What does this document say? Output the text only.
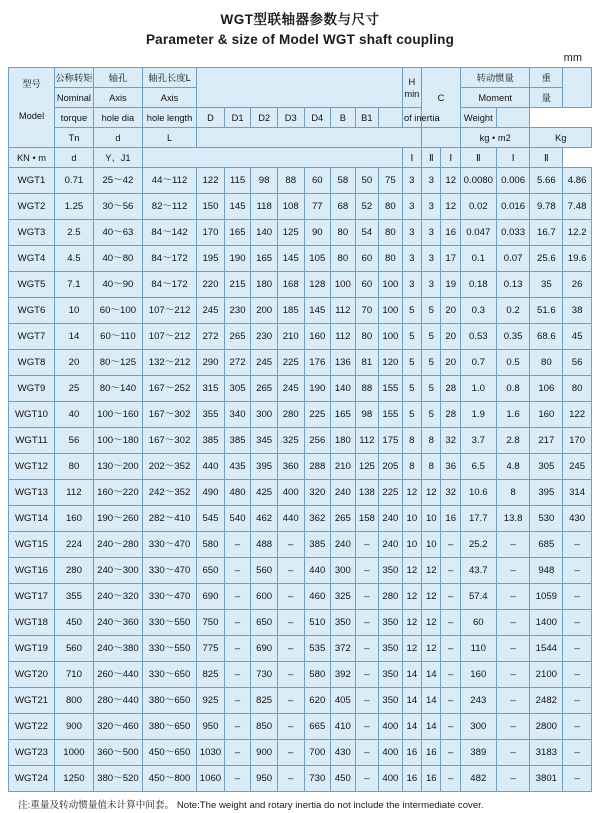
WGT型联轴器参数与尺寸
Parameter & size of Model WGT shaft coupling
mm
型号
Model
	公称转矩	轴孔	轴孔长度L		H
min	C	转动惯量	重	
	Nominal	Axis	Axis												Moment		量	
	torque	hole dia	hole length	D	D1	D2	D3	D4	B	B1		of inertia			Weight			
	Tn	d	L												kg • m2		Kg	
KN • m	d	Y、J1										Ⅰ	Ⅱ	Ⅰ	Ⅱ	Ⅰ	Ⅱ	
WGT1	0.71	25～42	44～112	122	115	98	88	60	58	50	75	3	3	12	0.0080	0.006	5.66	4.86
WGT2	1.25	30～56	82～112	150	145	118	108	77	68	52	80	3	3	12	0.02	0.016	9.78	7.48
WGT3	2.5	40～63	84～142	170	165	140	125	90	80	54	80	3	3	16	0.047	0.033	16.7	12.2
WGT4	4.5	40～80	84～172	195	190	165	145	105	80	60	80	3	3	17	0.1	0.07	25.6	19.6
WGT5	7.1	40～90	84～172	220	215	180	168	128	100	60	100	3	3	19	0.18	0.13	35	26
WGT6	10	60～100	107～212	245	230	200	185	145	112	70	100	5	5	20	0.3	0.2	51.6	38
WGT7	14	60～110	107～212	272	265	230	210	160	112	80	100	5	5	20	0.53	0.35	68.6	45
WGT8	20	80～125	132～212	290	272	245	225	176	136	81	120	5	5	20	0.7	0.5	80	56
WGT9	25	80～140	167～252	315	305	265	245	190	140	88	155	5	5	28	1.0	0.8	106	80
WGT10	40	100～160	167～302	355	340	300	280	225	165	98	155	5	5	28	1.9	1.6	160	122
WGT11	56	100～180	167～302	385	385	345	325	256	180	112	175	8	8	32	3.7	2.8	217	170
WGT12	80	130～200	202～352	440	435	395	360	288	210	125	205	8	8	36	6.5	4.8	305	245
WGT13	112	160～220	242～352	490	480	425	400	320	240	138	225	12	12	32	10.6	8	395	314
WGT14	160	190～260	282～410	545	540	462	440	362	265	158	240	10	10	16	17.7	13.8	530	430
WGT15	224	240～280	330～470	580	–	488	–	385	240	–	240	10	10	–	25.2	–	685	–
WGT16	280	240～300	330～470	650	–	560	–	440	300	–	350	12	12	–	43.7	–	948	–
WGT17	355	240～320	330～470	690	–	600	–	460	325	–	280	12	12	–	57.4	–	1059	–
WGT18	450	240～360	330～550	750	–	650	–	510	350	–	350	12	12	–	60	–	1400	–
WGT19	560	240～380	330～550	775	–	690	–	535	372	–	350	12	12	–	110	–	1544	–
WGT20	710	260～440	330～650	825	–	730	–	580	392	–	350	14	14	–	160	–	2100	–
WGT21	800	280～440	380～650	925	–	825	–	620	405	–	350	14	14	–	243	–	2482	–
WGT22	900	320～460	380～650	950	–	850	–	665	410	–	400	14	14	–	300	–	2800	–
WGT23	1000	360～500	450～650	1030	–	900	–	700	430	–	400	16	16	–	389	–	3183	–
WGT24	1250	380～520	450～800	1060	–	950	–	730	450	–	400	16	16	–	482	–	3801	–
注:重量及转动惯量值未计算中间套。 Note:The weight and rotary inertia do not include the intermediate cover.
